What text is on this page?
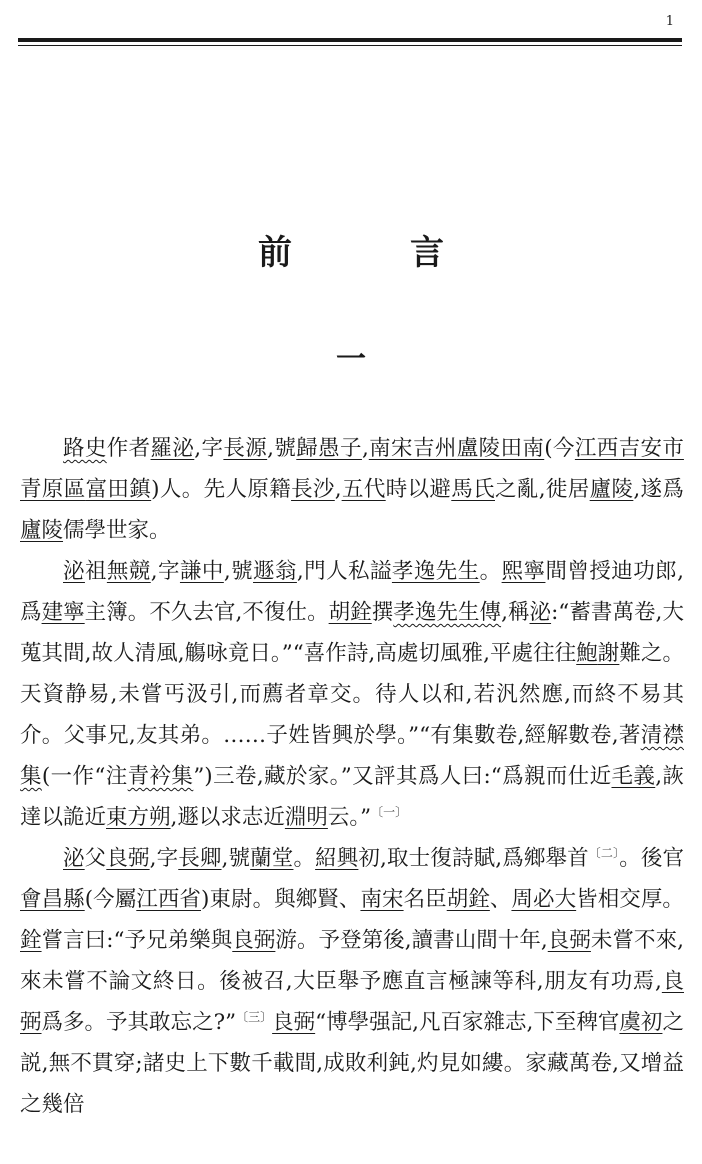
1
前　言
一

路史作者羅泌,字長源,號歸愚子,南宋吉州盧陵田南(今江西吉安市青原區富田鎮)人。先人原籍長沙,五代時以避馬氏之亂,徙居廬陵,遂爲廬陵儒學世家。

泌祖無競,字謙中,號遯翁,門人私謚孝逸先生。熙寧間曾授迪功郎,爲建寧主簿。不久去官,不復仕。胡銓撰孝逸先生傳,稱泌:“蓄書萬卷,大蒐其間,故人清風,觴咏竟日。”“喜作詩,高處切風雅,平處往往鮑謝難之。天資静易,未嘗丐汲引,而薦者章交。待人以和,若汎然應,而終不易其介。父事兄,友其弟。……子姓皆興於學。”“有集數卷,經解數卷,著清襟集(一作“注青衿集”)三卷,藏於家。”又評其爲人曰:“爲親而仕近毛義,詼達以詭近東方朔,遯以求志近淵明云。”$^{〔一〕}$

泌父良弼,字長卿,號蘭堂。紹興初,取士復詩賦,爲鄉舉首$^{〔二〕}$。後官會昌縣(今屬江西省)東尉。與鄉賢、南宋名臣胡銓、周必大皆相交厚。銓嘗言曰:“予兄弟樂與良弼游。予登第後,讀書山間十年,良弼未嘗不來,來未嘗不論文終日。後被召,大臣舉予應直言極諫等科,朋友有功焉,良弼爲多。予其敢忘之?”$^{〔三〕}$良弼“博學强記,凡百家雜志,下至稗官虞初之説,無不貫穿;諸史上下數千載間,成敗利鈍,灼見如縷。家藏萬卷,又增益之幾倍
